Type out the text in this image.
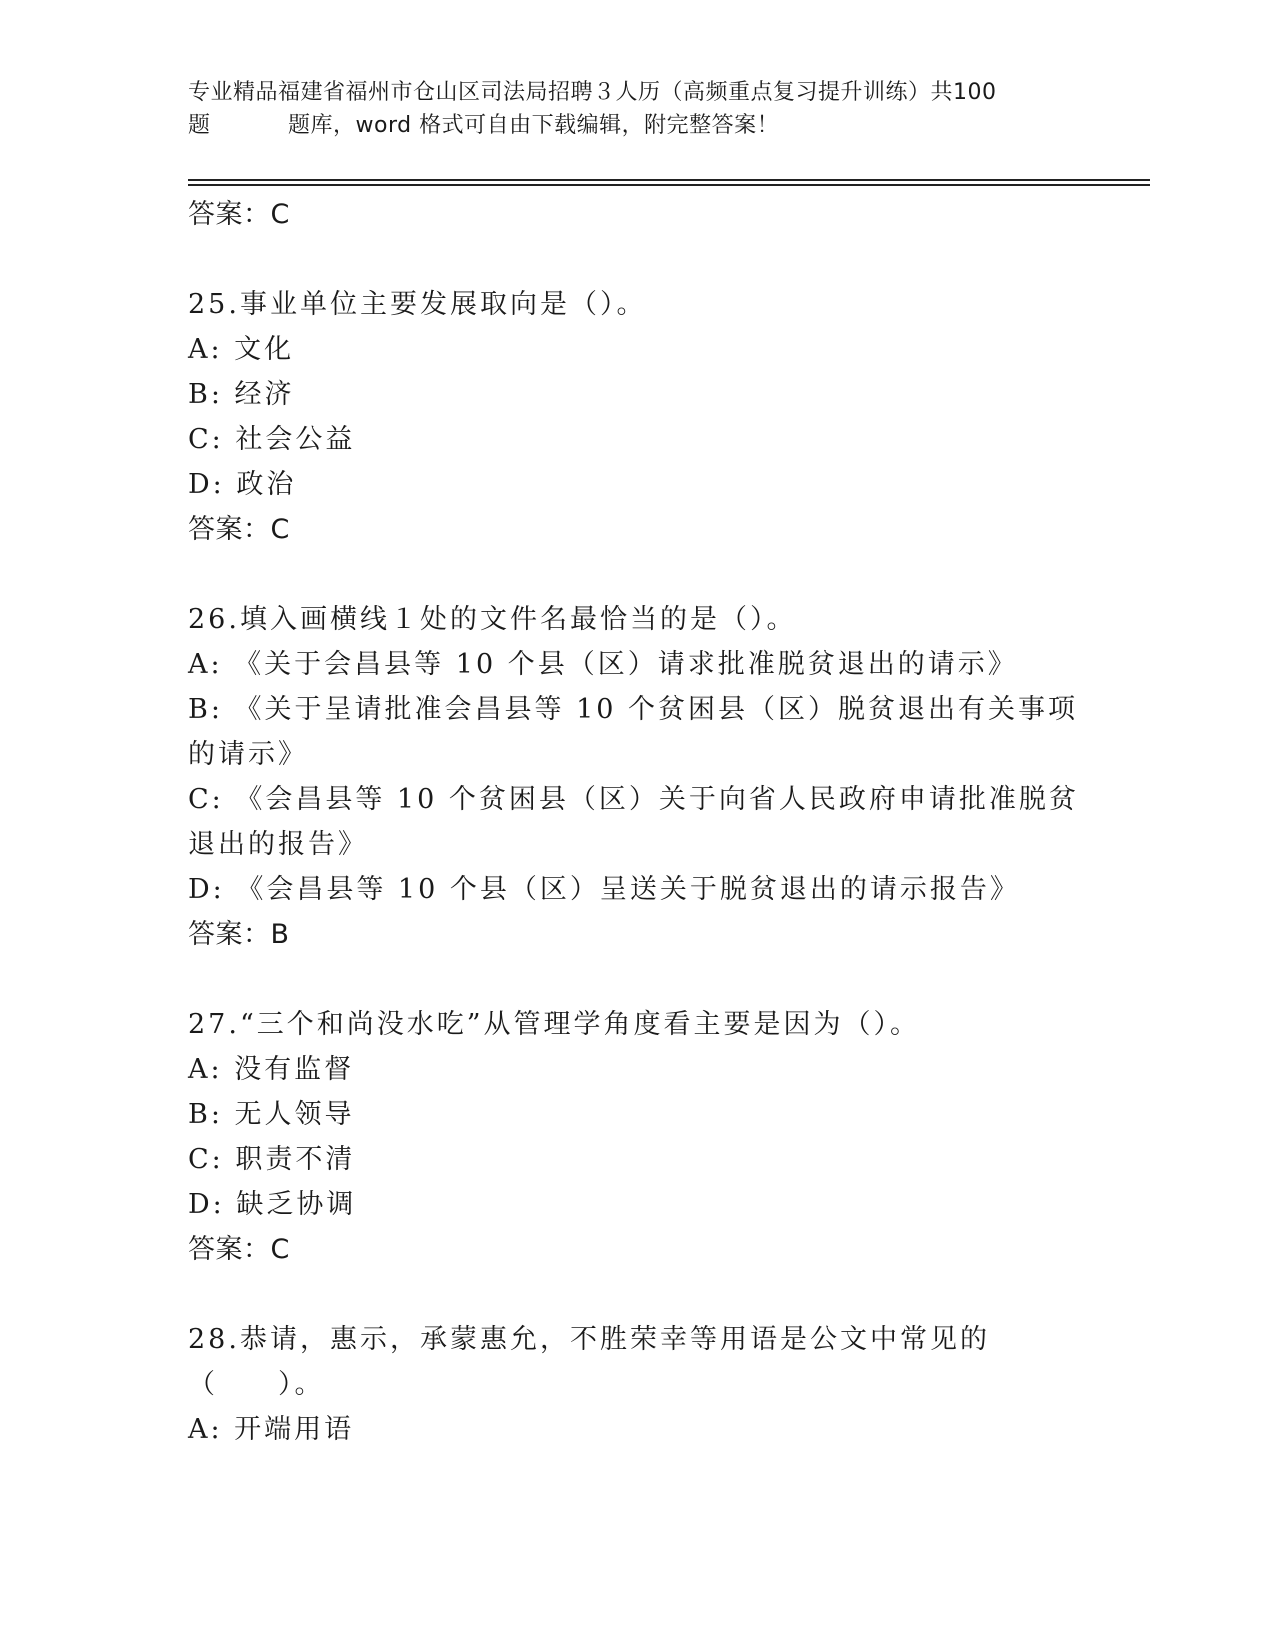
专业精品福建省福州市仓山区司法局招聘３人历（高频重点复习提升训练）共100
题	题库，word 格式可自由下载编辑，附完整答案！
答案：C
25.事业单位主要发展取向是（）。
A: 文化
B: 经济
C: 社会公益
D: 政治
答案：C
26.填入画横线１处的文件名最恰当的是（）。
A: 《关于会昌县等 10 个县（区）请求批准脱贫退出的请示》
B: 《关于呈请批准会昌县等 10 个贫困县（区）脱贫退出有关事项的请示》
C: 《会昌县等 10 个贫困县（区）关于向省人民政府申请批准脱贫退出的报告》
D: 《会昌县等 10 个县（区）呈送关于脱贫退出的请示报告》
答案：B
27.“三个和尚没水吃”从管理学角度看主要是因为（）。
A: 没有监督
B: 无人领导
C: 职责不清
D: 缺乏协调
答案：C
28.恭请，惠示，承蒙惠允，不胜荣幸等用语是公文中常见的（　　）。
A: 开端用语
